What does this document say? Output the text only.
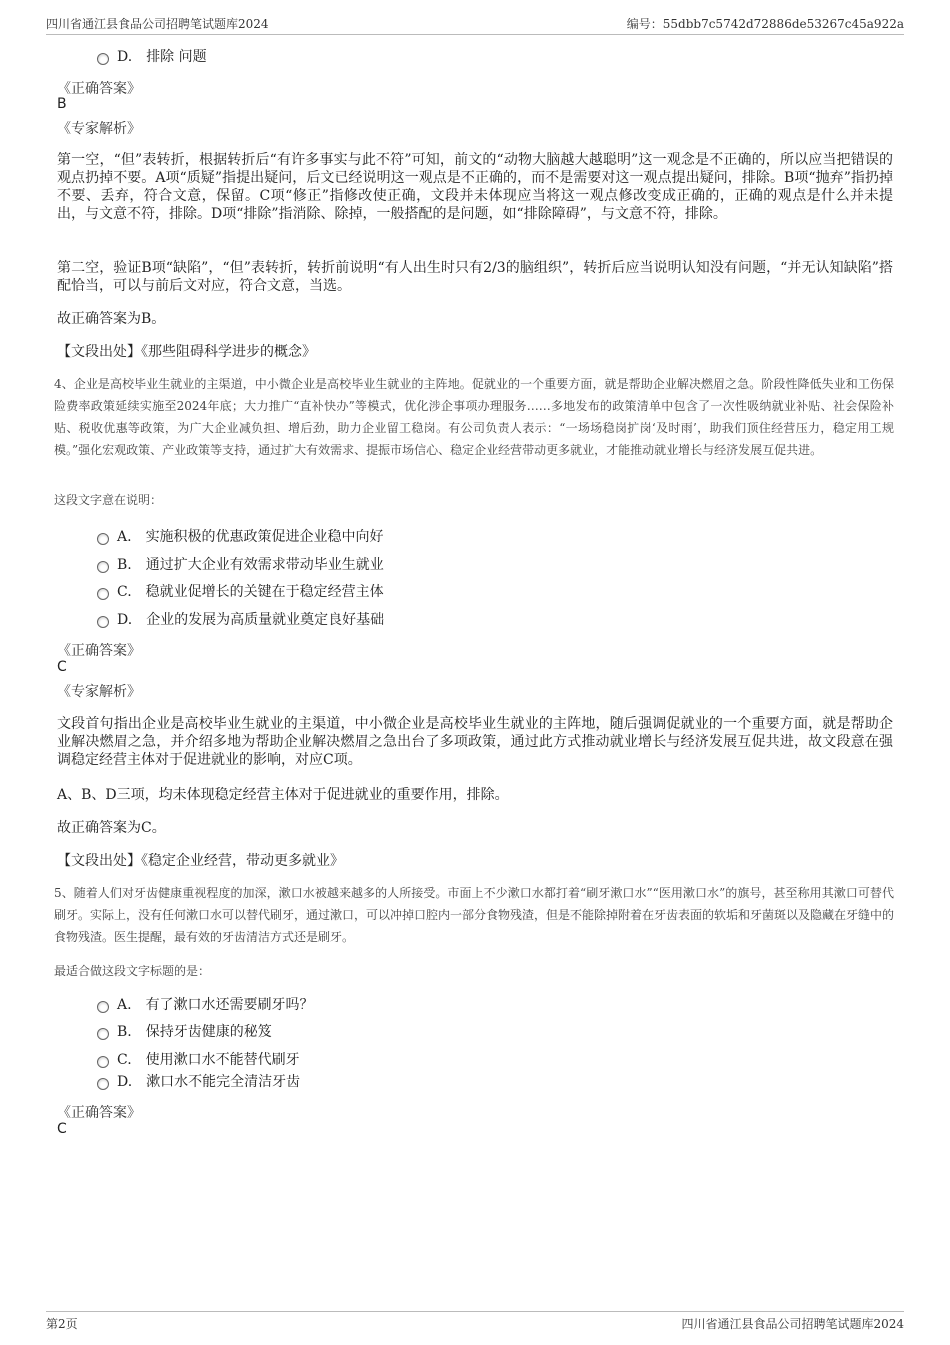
四川省通江县食品公司招聘笔试题库2024	编号：55dbb7c5742d72886de53267c45a922a
D. 排除 问题
《正确答案》
B
《专家解析》
第一空，“但”表转折，根据转折后“有许多事实与此不符”可知，前文的“动物大脑越大越聪明”这一观念是不正确的，所以应当把错误的观点扔掉不要。A项“质疑”指提出疑问，后文已经说明这一观点是不正确的，而不是需要对这一观点提出疑问，排除。B项“抛弃”指扔掉不要、丢弃，符合文意，保留。C项“修正”指修改使正确，文段并未体现应当将这一观点修改变成正确的，正确的观点是什么并未提出，与文意不符，排除。D项“排除”指消除、除掉，一般搭配的是问题，如“排除障碍”，与文意不符，排除。
第二空，验证B项“缺陷”，“但”表转折，转折前说明“有人出生时只有2/3的脑组织”，转折后应当说明认知没有问题，“并无认知缺陷”搭配恰当，可以与前后文对应，符合文意，当选。
故正确答案为B。
【文段出处】《那些阻碍科学进步的概念》
4、企业是高校毕业生就业的主渠道，中小微企业是高校毕业生就业的主阵地。促就业的一个重要方面，就是帮助企业解决燃眉之急。阶段性降低失业和工伤保险费率政策延续实施至2024年底；大力推广“直补快办”等模式，优化涉企事项办理服务……多地发布的政策清单中包含了一次性吸纳就业补贴、社会保险补贴、税收优惠等政策，为广大企业减负担、增后劲，助力企业留工稳岗。有公司负责人表示：“一场场稳岗扩岗‘及时雨’，助我们顶住经营压力，稳定用工规模。”强化宏观政策、产业政策等支持，通过扩大有效需求、提振市场信心、稳定企业经营带动更多就业，才能推动就业增长与经济发展互促共进。
这段文字意在说明：
A. 实施积极的优惠政策促进企业稳中向好
B. 通过扩大企业有效需求带动毕业生就业
C. 稳就业促增长的关键在于稳定经营主体
D. 企业的发展为高质量就业奠定良好基础
《正确答案》
C
《专家解析》
文段首句指出企业是高校毕业生就业的主渠道，中小微企业是高校毕业生就业的主阵地，随后强调促就业的一个重要方面，就是帮助企业解决燃眉之急，并介绍多地为帮助企业解决燃眉之急出台了多项政策，通过此方式推动就业增长与经济发展互促共进，故文段意在强调稳定经营主体对于促进就业的影响，对应C项。
A、B、D三项，均未体现稳定经营主体对于促进就业的重要作用，排除。
故正确答案为C。
【文段出处】《稳定企业经营，带动更多就业》
5、随着人们对牙齿健康重视程度的加深，漱口水被越来越多的人所接受。市面上不少漱口水都打着“刷牙漱口水”“医用漱口水”的旗号，甚至称用其漱口可替代刷牙。实际上，没有任何漱口水可以替代刷牙，通过漱口，可以冲掉口腔内一部分食物残渣，但是不能除掉附着在牙齿表面的软垢和牙菌斑以及隐藏在牙缝中的食物残渣。医生提醒，最有效的牙齿清洁方式还是刷牙。
最适合做这段文字标题的是：
A. 有了漱口水还需要刷牙吗？
B. 保持牙齿健康的秘笈
C. 使用漱口水不能替代刷牙
D. 漱口水不能完全清洁牙齿
《正确答案》
C
第2页	四川省通江县食品公司招聘笔试题库2024
